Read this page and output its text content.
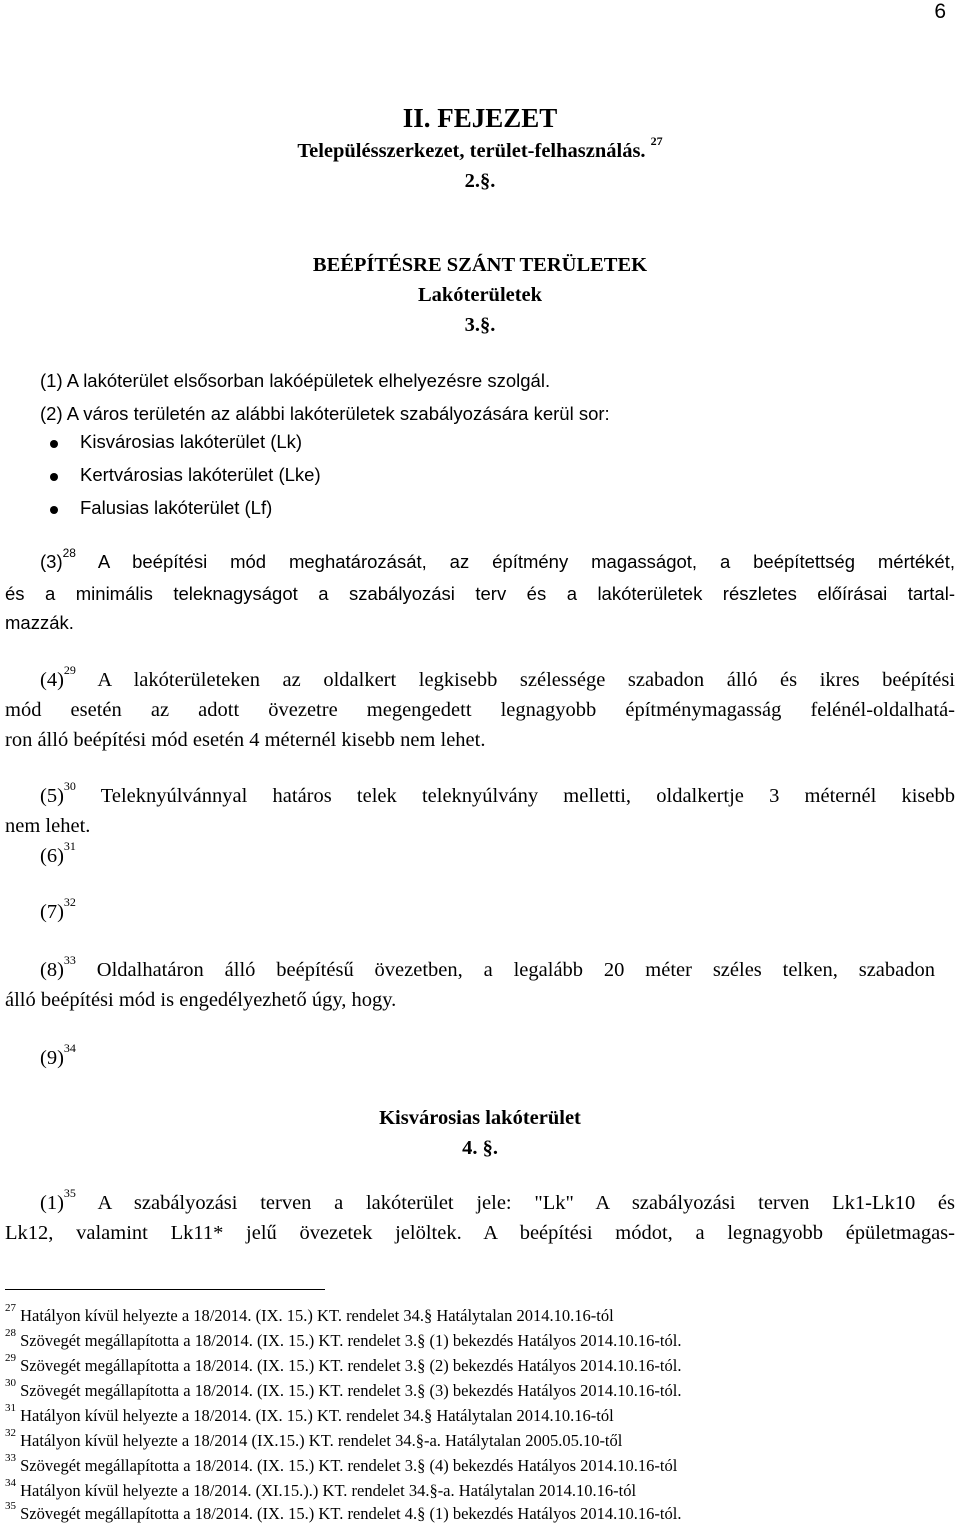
6
II. FEJEZET
Településszerkezet, terület-felhasználás. $^{27}$
2.§.
BEÉPÍTÉSRE SZÁNT TERÜLETEK
Lakóterületek
3.§.
(1) A lakóterület elsősorban lakóépületek elhelyezésre szolgál.
(2) A város területén az alábbi lakóterületek szabályozására kerül sor:
Kisvárosias lakóterület (Lk)
Kertvárosias lakóterület (Lke)
Falusias lakóterület (Lf)
$(3)^{28}$ A beépítési mód meghatározását, az építmény magasságot, a beépítettség mértékét,
és a minimális teleknagyságot a szabályozási terv és a lakóterületek részletes előírásai tartal-
mazzák.
$(4)^{29}$ A lakóterületeken az oldalkert legkisebb szélessége szabadon álló és ikres beépítési
mód esetén az adott övezetre megengedett legnagyobb építménymagasság felénél-oldalhatá-
ron álló beépítési mód esetén 4 méternél kisebb nem lehet.
$(5)^{30}$ Teleknyúlvánnyal határos telek teleknyúlvány melletti, oldalkertje 3 méternél kisebb
nem lehet.
$(6)^{31}$
$(7)^{32}$
$(8)^{33}$ Oldalhatáron álló beépítésű övezetben, a legalább 20 méter széles telken, szabadon
álló beépítési mód is engedélyezhető úgy, hogy.
$(9)^{34}$
Kisvárosias lakóterület
4. §.
$(1)^{35}$ A szabályozási terven a lakóterület jele: "Lk" A szabályozási terven Lk1-Lk10 és
Lk12, valamint Lk11* jelű övezetek jelöltek. A beépítési módot, a legnagyobb épületmagas-
$^{27}$ Hatályon kívül helyezte a 18/2014. (IX. 15.) KT. rendelet 34.§ Hatálytalan 2014.10.16-tól
$^{28}$ Szövegét megállapította a 18/2014. (IX. 15.) KT. rendelet 3.§ (1) bekezdés Hatályos 2014.10.16-tól.
$^{29}$ Szövegét megállapította a 18/2014. (IX. 15.) KT. rendelet 3.§ (2) bekezdés Hatályos 2014.10.16-tól.
$^{30}$ Szövegét megállapította a 18/2014. (IX. 15.) KT. rendelet 3.§ (3) bekezdés Hatályos 2014.10.16-tól.
$^{31}$ Hatályon kívül helyezte a 18/2014. (IX. 15.) KT. rendelet 34.§ Hatálytalan 2014.10.16-tól
$^{32}$ Hatályon kívül helyezte a 18/2014 (IX.15.) KT. rendelet 34.§-a. Hatálytalan 2005.05.10-től
$^{33}$ Szövegét megállapította a 18/2014. (IX. 15.) KT. rendelet 3.§ (4) bekezdés Hatályos 2014.10.16-tól
$^{34}$ Hatályon kívül helyezte a 18/2014. (XI.15.).) KT. rendelet 34.§-a. Hatálytalan 2014.10.16-tól
$^{35}$ Szövegét megállapította a 18/2014. (IX. 15.) KT. rendelet 4.§ (1) bekezdés Hatályos 2014.10.16-tól.
